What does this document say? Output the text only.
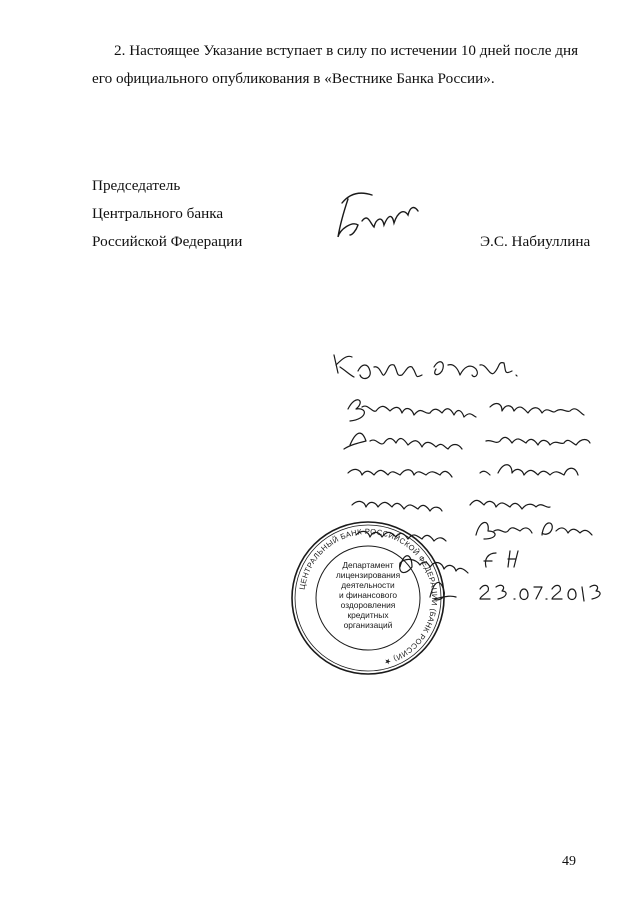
2. Настоящее Указание вступает в силу по истечении 10 дней после дня
его официального опубликования в «Вестнике Банка России».
Председатель
Центрального банка
Российской Федерации	Э.С. Набиуллина
ЦЕНТРАЛЬНЫЙ БАНК РОССИЙСКОЙ ФЕДЕРАЦИИ (БАНК РОССИИ) ★
Департамент
лицензирования
деятельности
и финансового
оздоровления
кредитных
организаций
49
